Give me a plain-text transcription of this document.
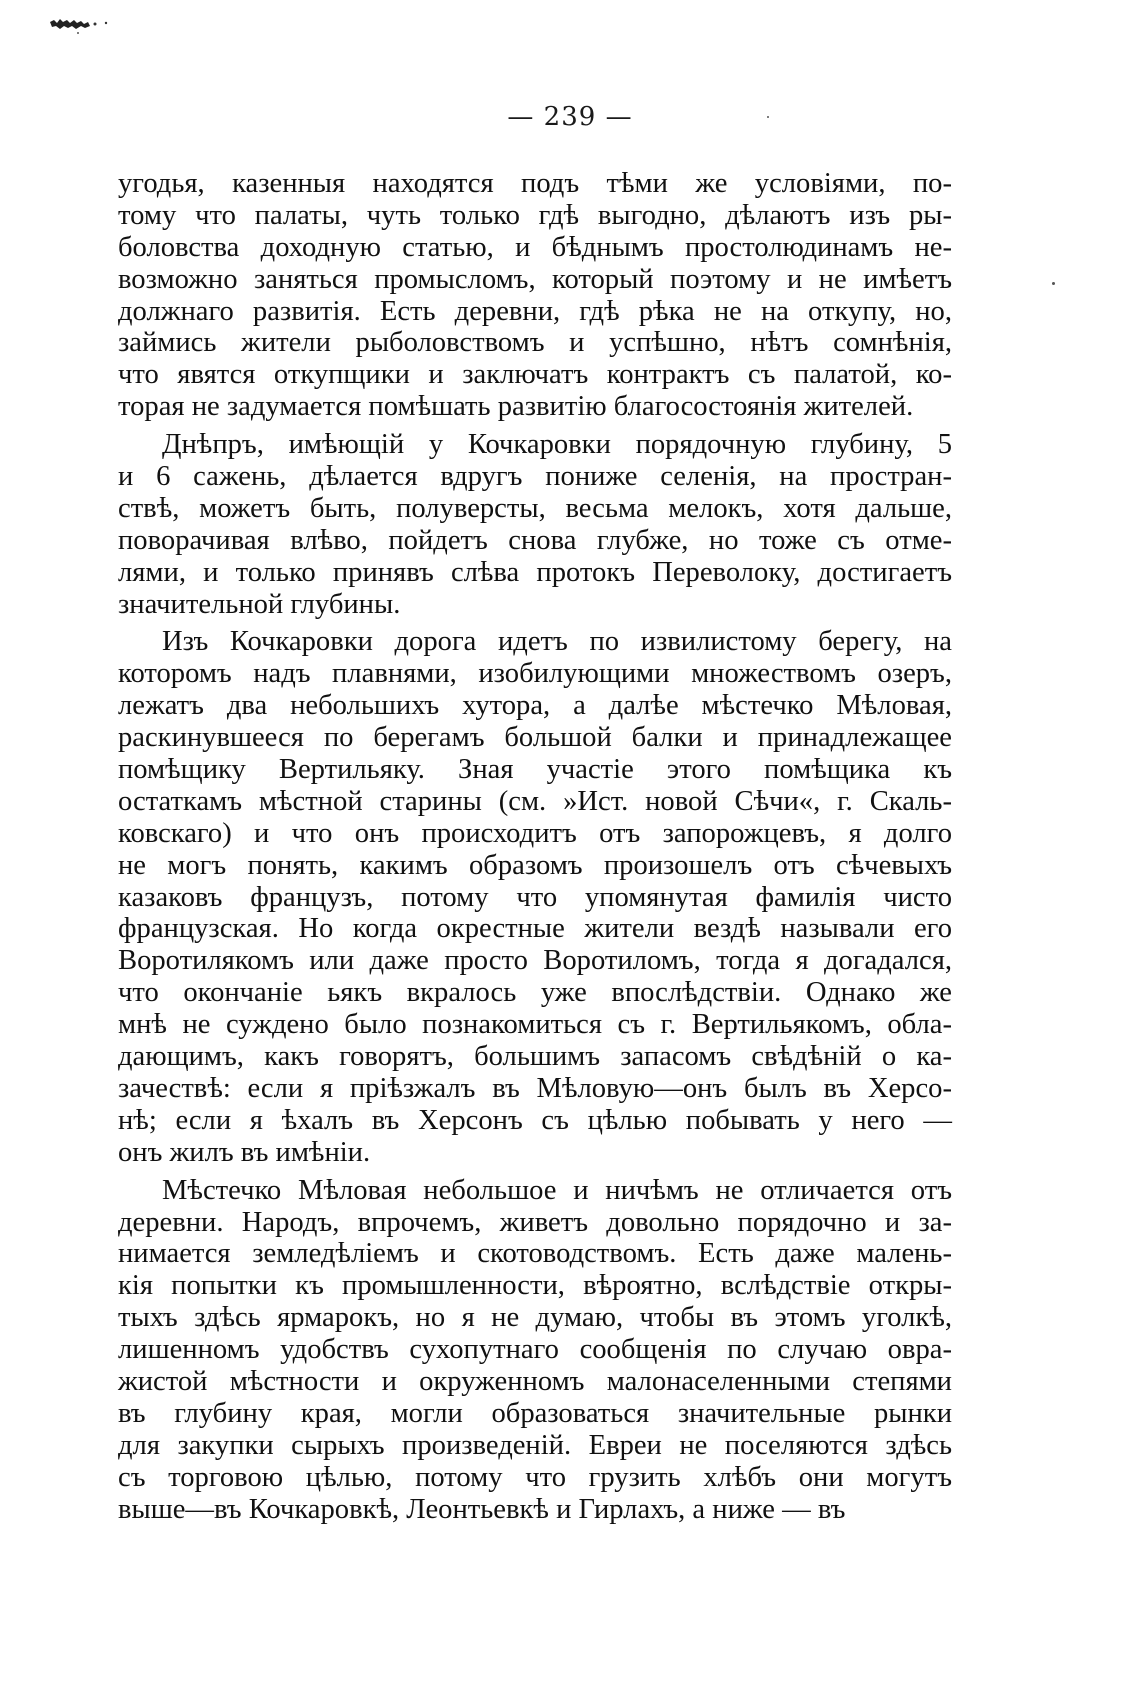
— 239 —
угодья, казенныя находятся подъ тѣми же условіями, по-
тому что палаты, чуть только гдѣ выгодно, дѣлаютъ изъ ры-
боловства доходную статью, и бѣднымъ простолюдинамъ не-
возможно заняться промысломъ, который поэтому и не имѣетъ
должнаго развитія. Есть деревни, гдѣ рѣка не на откупу, но,
займись жители рыболовствомъ и успѣшно, нѣтъ сомнѣнія,
что явятся откупщики и заключатъ контрактъ съ палатой, ко-
торая не задумается помѣшать развитію благосостоянія жителей.
Днѣпръ, имѣющій у Кочкаровки порядочную глубину, 5
и 6 сажень, дѣлается вдругъ пониже селенія, на простран-
ствѣ, можетъ быть, полуверсты, весьма мелокъ, хотя дальше,
поворачивая влѣво, пойдетъ снова глубже, но тоже съ отме-
лями, и только принявъ слѣва протокъ Переволоку, достигаетъ
значительной глубины.
Изъ Кочкаровки дорога идетъ по извилистому берегу, на
которомъ надъ плавнями, изобилующими множествомъ озеръ,
лежатъ два небольшихъ хутора, а далѣе мѣстечко Мѣловая,
раскинувшееся по берегамъ большой балки и принадлежащее
помѣщику Вертильяку. Зная участіе этого помѣщика къ
остаткамъ мѣстной старины (см. »Ист. новой Сѣчи«, г. Скаль-
ковскаго) и что онъ происходитъ отъ запорожцевъ, я долго
не могъ понять, какимъ образомъ произошелъ отъ сѣчевыхъ
казаковъ французъ, потому что упомянутая фамилія чисто
французская. Но когда окрестные жители вездѣ называли его
Воротилякомъ или даже просто Воротиломъ, тогда я догадался,
что окончаніе ьякъ вкралось уже впослѣдствіи. Однако же
мнѣ не суждено было познакомиться съ г. Вертильякомъ, обла-
дающимъ, какъ говорятъ, большимъ запасомъ свѣдѣній о ка-
зачествѣ: если я пріѣзжалъ въ Мѣловую—онъ былъ въ Херсо-
нѣ; если я ѣхалъ въ Херсонъ съ цѣлью побывать у него —
онъ жилъ въ имѣніи.
Мѣстечко Мѣловая небольшое и ничѣмъ не отличается отъ
деревни. Народъ, впрочемъ, живетъ довольно порядочно и за-
нимается земледѣліемъ и скотоводствомъ. Есть даже малень-
кія попытки къ промышленности, вѣроятно, вслѣдствіе откры-
тыхъ здѣсь ярмарокъ, но я не думаю, чтобы въ этомъ уголкѣ,
лишенномъ удобствъ сухопутнаго сообщенія по случаю овра-
жистой мѣстности и окруженномъ малонаселенными степями
въ глубину края, могли образоваться значительные рынки
для закупки сырыхъ произведеній. Евреи не поселяются здѣсь
съ торговою цѣлью, потому что грузить хлѣбъ они могутъ
выше—въ Кочкаровкѣ, Леонтьевкѣ и Гирлахъ, а ниже — въ
